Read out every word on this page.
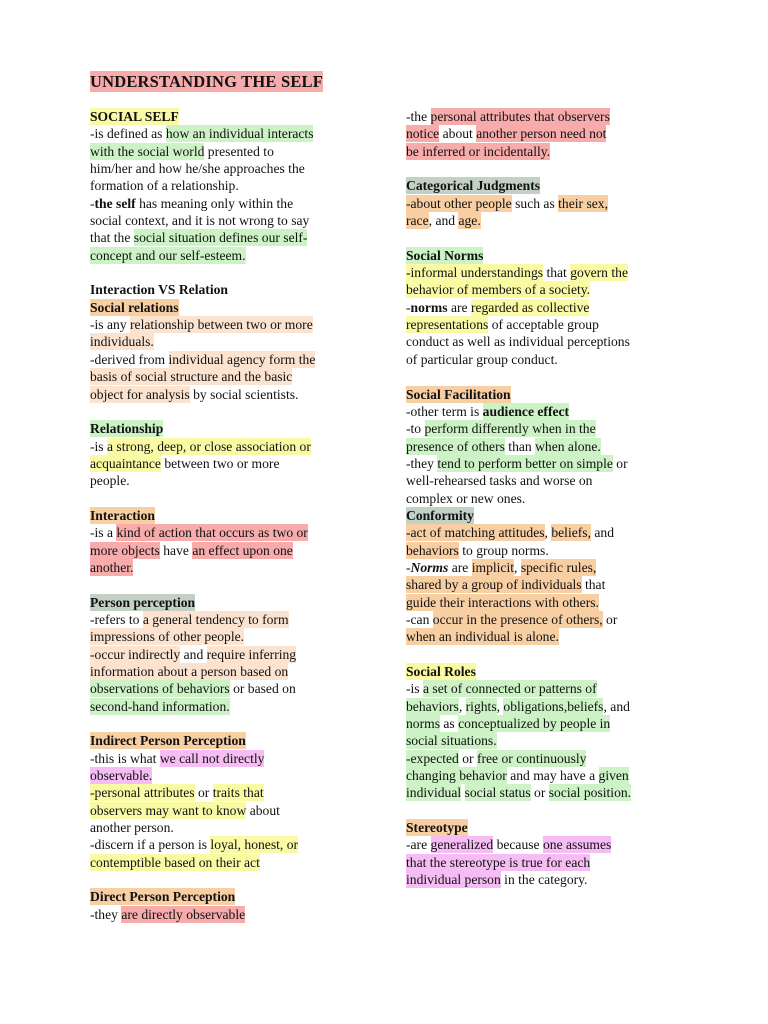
UNDERSTANDING THE SELF
SOCIAL SELF
-is defined as how an individual interacts
with the social world presented to
him/her and how he/she approaches the
formation of a relationship.
-the self has meaning only within the
social context, and it is not wrong to say
that the social situation defines our self-
concept and our self-esteem.
Interaction VS Relation
Social relations
-is any relationship between two or more
individuals.
-derived from individual agency form the
basis of social structure and the basic
object for analysis by social scientists.
Relationship
-is a strong, deep, or close association or
acquaintance between two or more
people.
Interaction
-is a kind of action that occurs as two or
more objects have an effect upon one
another.
Person perception
-refers to a general tendency to form
impressions of other people.
-occur indirectly and require inferring
information about a person based on
observations of behaviors or based on
second-hand information.
Indirect Person Perception
-this is what we call not directly
observable.
-personal attributes or traits that
observers may want to know about
another person.
-discern if a person is loyal, honest, or
contemptible based on their act
Direct Person Perception
-they are directly observable
-the personal attributes that observers
notice about another person need not
be inferred or incidentally.
Categorical Judgments
-about other people such as their sex,
race, and age.
Social Norms
-informal understandings that govern the
behavior of members of a society.
-norms are regarded as collective
representations of acceptable group
conduct as well as individual perceptions
of particular group conduct.
Social Facilitation
-other term is audience effect
-to perform differently when in the
presence of others than when alone.
-they tend to perform better on simple or
well-rehearsed tasks and worse on
complex or new ones.
Conformity
-act of matching attitudes, beliefs, and
behaviors to group norms.
-Norms are implicit, specific rules,
shared by a group of individuals that
guide their interactions with others.
-can occur in the presence of others, or
when an individual is alone.
Social Roles
-is a set of connected or patterns of
behaviors, rights, obligations,beliefs, and
norms as conceptualized by people in
social situations.
-expected or free or continuously
changing behavior and may have a given
individual social status or social position.
Stereotype
-are generalized because one assumes
that the stereotype is true for each
individual person in the category.
